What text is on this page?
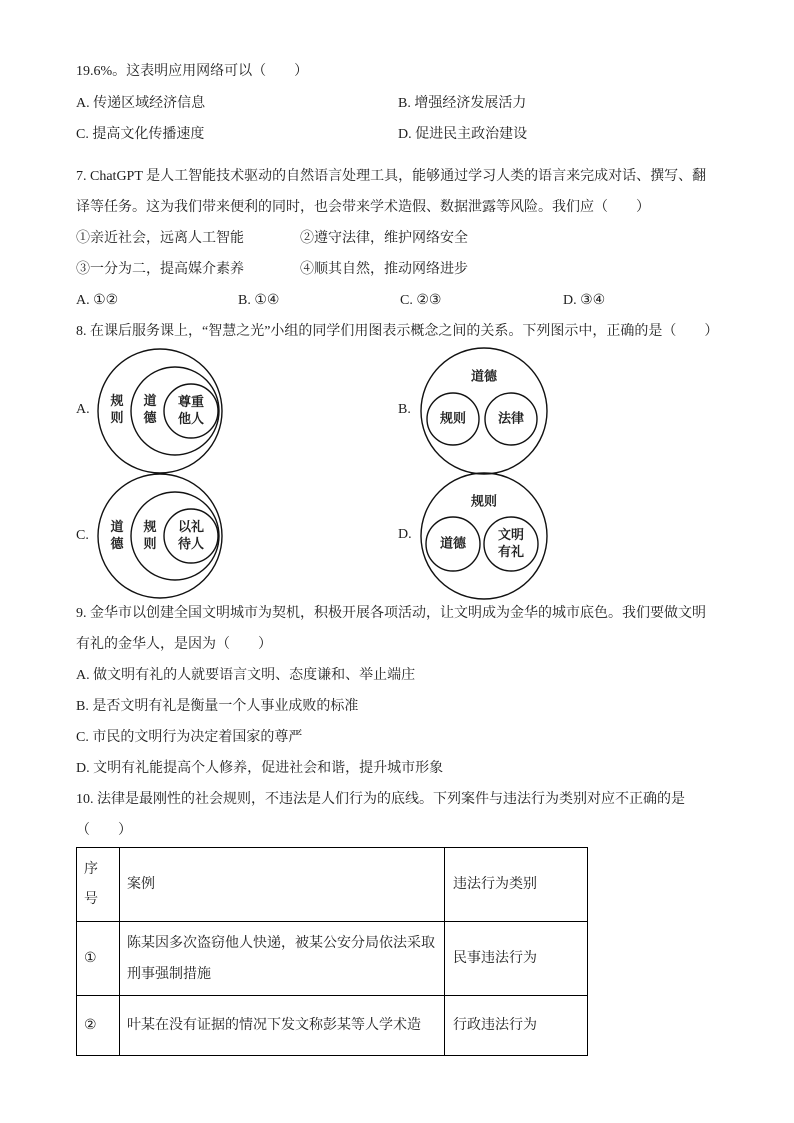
19.6%。这表明应用网络可以（　　）
A. 传递区域经济信息	B. 增强经济发展活力
C. 提高文化传播速度	D. 促进民主政治建设
7. ChatGPT 是人工智能技术驱动的自然语言处理工具，能够通过学习人类的语言来完成对话、撰写、翻
译等任务。这为我们带来便利的同时，也会带来学术造假、数据泄露等风险。我们应（　　）
①亲近社会，远离人工智能	②遵守法律，维护网络安全
③一分为二，提高媒介素养	④顺其自然，推动网络进步
A. ①②	B. ①④	C. ②③	D. ③④
8. 在课后服务课上，“智慧之光”小组的同学们用图表示概念之间的关系。下列图示中，正确的是（　　）
A.	B.
C.	D.
规则
道德
尊重他人
道德
规则 法律
道德
规则
以礼待人
规则
道德
文明有礼
9. 金华市以创建全国文明城市为契机，积极开展各项活动，让文明成为金华的城市底色。我们要做文明
有礼的金华人，是因为（　　）
A. 做文明有礼的人就要语言文明、态度谦和、举止端庄
B. 是否文明有礼是衡量一个人事业成败的标准
C. 市民的文明行为决定着国家的尊严
D. 文明有礼能提高个人修养，促进社会和谐，提升城市形象
10. 法律是最刚性的社会规则，不违法是人们行为的底线。下列案件与违法行为类别对应不正确的是
（　　）
序号	案例	违法行为类别
①	陈某因多次盗窃他人快递，被某公安分局依法采取
刑事强制措施	民事违法行为
②	叶某在没有证据的情况下发文称彭某等人学术造	行政违法行为
